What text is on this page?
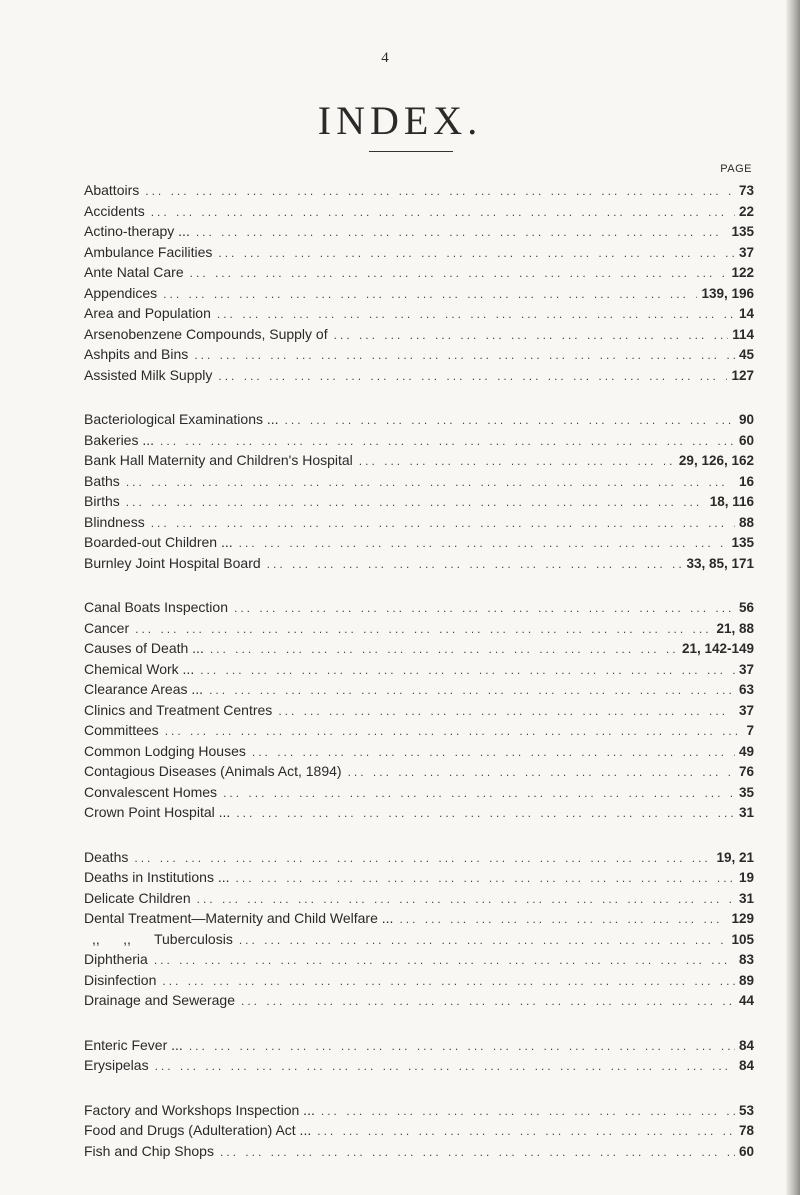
4
INDEX.
PAGE
Abattoirs ... .	73
Accidents ... .	22
Actino-therapy ... ... .	135
Ambulance Facilities ... .	37
Ante Natal Care ... .	122
Appendices ... .	139, 196
Area and Population ... .	14
Arsenobenzene Compounds, Supply of ... .	114
Ashpits and Bins ... .	45
Assisted Milk Supply ... .	127
Bacteriological Examinations ... ... .	90
Bakeries ... ... .	60
Bank Hall Maternity and Children's Hospital ... .	29, 126, 162
Baths ... .	16
Births ... .	18, 116
Blindness ... .	88
Boarded-out Children ... ... .	135
Burnley Joint Hospital Board ... .	33, 85, 171
Canal Boats Inspection ... .	56
Cancer ... .	21, 88
Causes of Death ... ... .	21, 142-149
Chemical Work ... ... .	37
Clearance Areas ... ... .	63
Clinics and Treatment Centres ... .	37
Committees ... .	7
Common Lodging Houses ... .	49
Contagious Diseases (Animals Act, 1894) ... .	76
Convalescent Homes ... .	35
Crown Point Hospital ... ... .	31
Deaths ... .	19, 21
Deaths in Institutions ... ... .	19
Delicate Children ... .	31
Dental Treatment—Maternity and Child Welfare ... ... .	129
,,      ,,      Tuberculosis ... .	105
Diphtheria ... .	83
Disinfection ... .	89
Drainage and Sewerage ... .	44
Enteric Fever ... ... .	84
Erysipelas ... .	84
Factory and Workshops Inspection ... ... .	53
Food and Drugs (Adulteration) Act ... ... .	78
Fish and Chip Shops ... .	60
